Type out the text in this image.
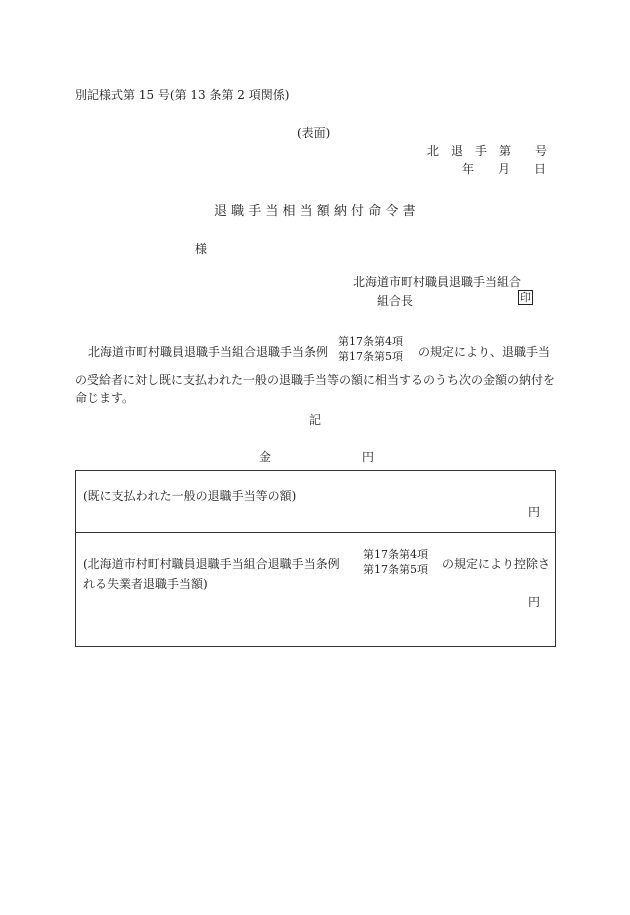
別記様式第 15 号(第 13 条第 2 項関係)
(表面)
北　退　手　第　　号
年　　月　　日
退 職 手 当 相 当 額 納 付 命 令 書
様
北海道市町村職員退職手当組合
組合長	印
北海道市町村職員退職手当組合退職手当条例
第17条第4項
第17条第5項 の規定により、退職手当
の受給者に対し既に支払われた一般の退職手当等の額に相当するのうち次の金額の納付を命じます。
記
金	円
(既に支払われた一般の退職手当等の額)
円
(北海道市村町村職員退職手当組合退職手当条例
第17条第4項
第17条第5項 の規定により控除さ
れる失業者退職手当額)
円
